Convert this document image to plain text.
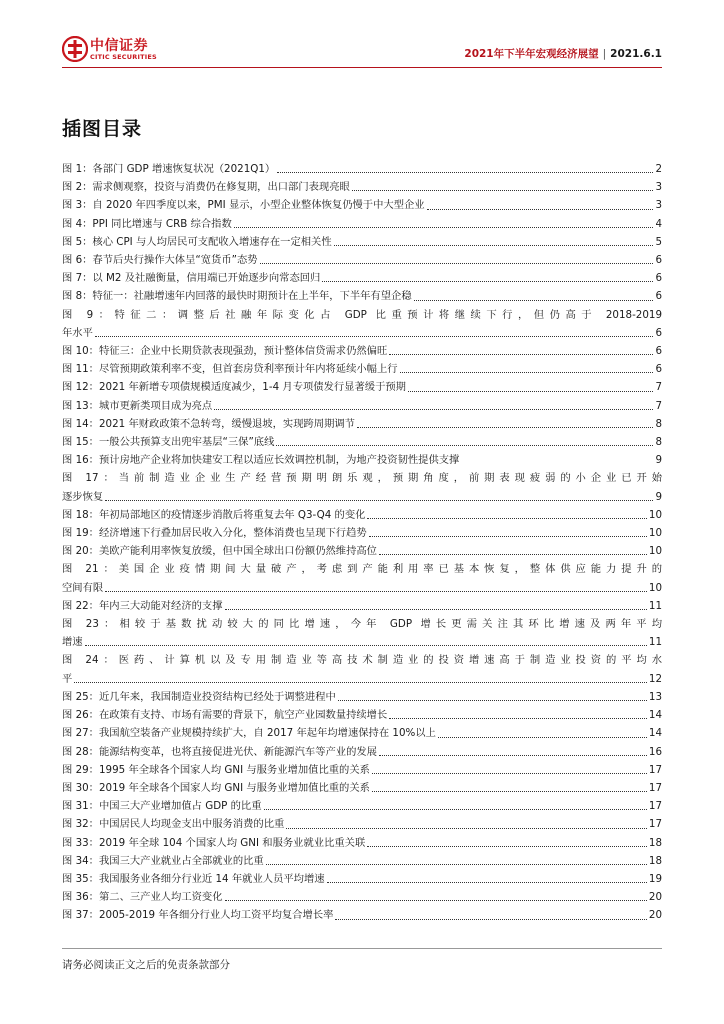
中信证券
CITIC SECURITIES	2021年下半年宏观经济展望 | 2021.6.1
插图目录
图 1：各部门 GDP 增速恢复状况（2021Q1）	2
图 2：需求侧观察，投资与消费仍在修复期，出口部门表现亮眼	3
图 3：自 2020 年四季度以来，PMI 显示，小型企业整体恢复仍慢于中大型企业	3
图 4：PPI 同比增速与 CRB 综合指数	4
图 5：核心 CPI 与人均居民可支配收入增速存在一定相关性	5
图 6：春节后央行操作大体呈“宽货币”态势	6
图 7：以 M2 及社融衡量，信用端已开始逐步向常态回归	6
图 8：特征一：社融增速年内回落的最快时期预计在上半年，下半年有望企稳	6
图 9：特征二：调整后社融年际变化占 GDP 比重预计将继续下行，但仍高于 2018-2019
年水平	6
图 10：特征三：企业中长期贷款表现强劲，预计整体信贷需求仍然偏旺	6
图 11：尽管预期政策利率不变，但首套房贷利率预计年内将延续小幅上行	6
图 12：2021 年新增专项债规模适度减少，1-4 月专项债发行显著缓于预期	7
图 13：城市更新类项目成为亮点	7
图 14：2021 年财政政策不急转弯，缓慢退坡，实现跨周期调节	8
图 15：一般公共预算支出兜牢基层“三保”底线	8
图 16：预计房地产企业将加快建安工程以适应长效调控机制，为地产投资韧性提供支撑	9
图 17：当前制造业企业生产经营预期明朗乐观，预期角度，前期表现疲弱的小企业已开始
逐步恢复	9
图 18：年初局部地区的疫情逐步消散后将重复去年 Q3-Q4 的变化	10
图 19：经济增速下行叠加居民收入分化，整体消费也呈现下行趋势	10
图 20：美欧产能利用率恢复放缓，但中国全球出口份额仍然维持高位	10
图 21：美国企业疫情期间大量破产，考虑到产能利用率已基本恢复，整体供应能力提升的
空间有限	10
图 22：年内三大动能对经济的支撑	11
图 23：相较于基数扰动较大的同比增速，今年 GDP 增长更需关注其环比增速及两年平均
增速	11
图 24：医药、计算机以及专用制造业等高技术制造业的投资增速高于制造业投资的平均水
平	12
图 25：近几年来，我国制造业投资结构已经处于调整进程中	13
图 26：在政策有支持、市场有需要的背景下，航空产业园数量持续增长	14
图 27：我国航空装备产业规模持续扩大，自 2017 年起年均增速保持在 10%以上	14
图 28：能源结构变革，也将直接促进光伏、新能源汽车等产业的发展	16
图 29：1995 年全球各个国家人均 GNI 与服务业增加值比重的关系	17
图 30：2019 年全球各个国家人均 GNI 与服务业增加值比重的关系	17
图 31：中国三大产业增加值占 GDP 的比重	17
图 32：中国居民人均现金支出中服务消费的比重	17
图 33：2019 年全球 104 个国家人均 GNI 和服务业就业比重关联	18
图 34：我国三大产业就业占全部就业的比重	18
图 35：我国服务业各细分行业近 14 年就业人员平均增速	19
图 36：第二、三产业人均工资变化	20
图 37：2005-2019 年各细分行业人均工资平均复合增长率	20
请务必阅读正文之后的免责条款部分
